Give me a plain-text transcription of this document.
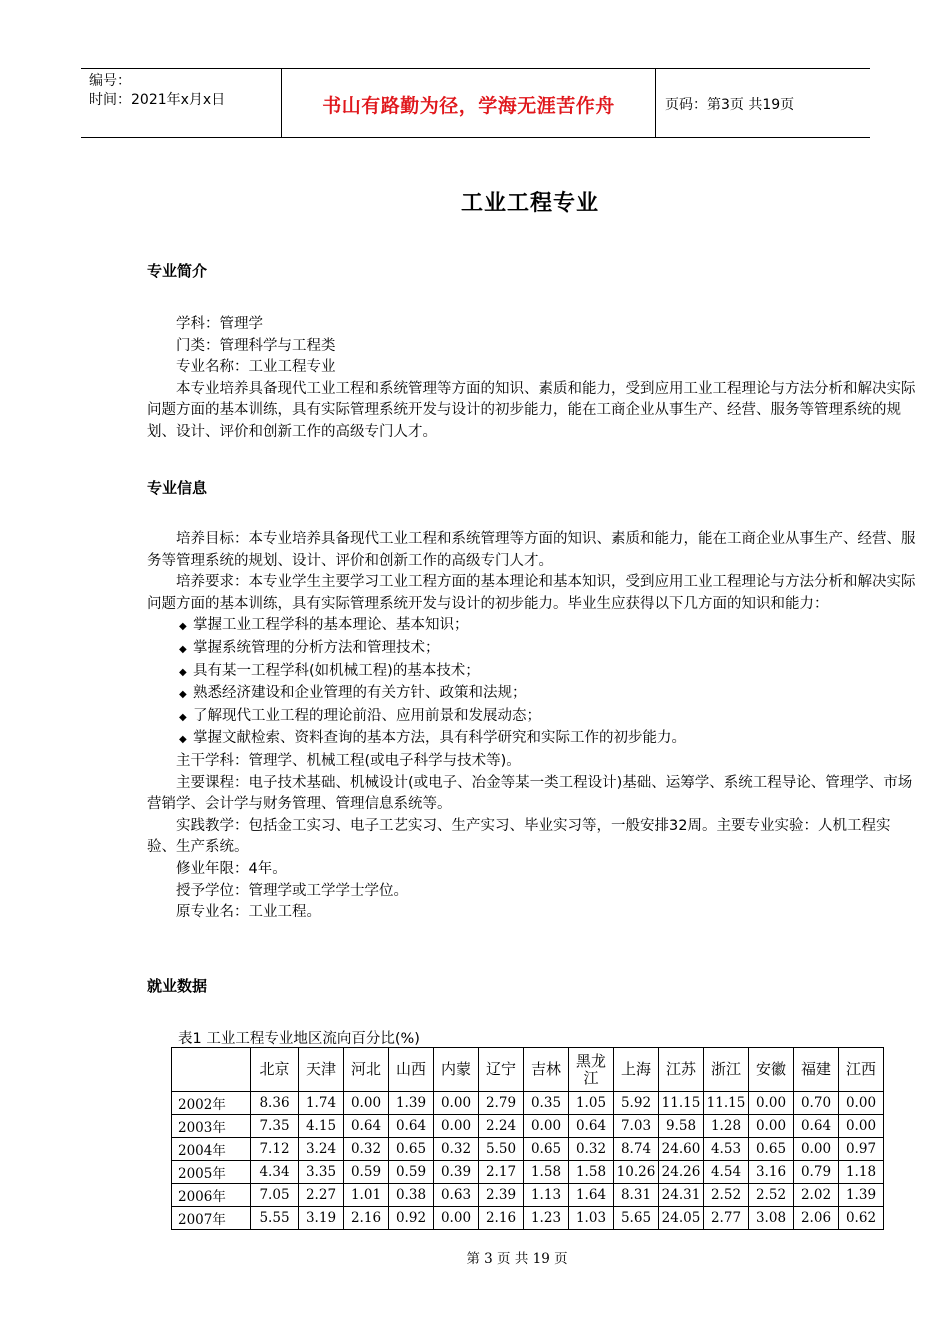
编号：
时间：2021年x月x日	书山有路勤为径，学海无涯苦作舟	页码：第3页 共19页
工业工程专业
专业简介

学科：管理学

门类：管理科学与工程类

专业名称：工业工程专业

本专业培养具备现代工业工程和系统管理等方面的知识、素质和能力，受到应用工业工程理论与方法分析和解决实际问题方面的基本训练，具有实际管理系统开发与设计的初步能力，能在工商企业从事生产、经营、服务等管理系统的规划、设计、评价和创新工作的高级专门人才。

专业信息

培养目标：本专业培养具备现代工业工程和系统管理等方面的知识、素质和能力，能在工商企业从事生产、经营、服务等管理系统的规划、设计、评价和创新工作的高级专门人才。

培养要求：本专业学生主要学习工业工程方面的基本理论和基本知识，受到应用工业工程理论与方法分析和解决实际问题方面的基本训练，具有实际管理系统开发与设计的初步能力。毕业生应获得以下几方面的知识和能力：

◆ 掌握工业工程学科的基本理论、基本知识；

◆ 掌握系统管理的分析方法和管理技术；

◆ 具有某一工程学科(如机械工程)的基本技术；

◆ 熟悉经济建设和企业管理的有关方针、政策和法规；

◆ 了解现代工业工程的理论前沿、应用前景和发展动态；

◆ 掌握文献检索、资料查询的基本方法，具有科学研究和实际工作的初步能力。

主干学科：管理学、机械工程(或电子科学与技术等)。

主要课程：电子技术基础、机械设计(或电子、冶金等某一类工程设计)基础、运筹学、系统工程导论、管理学、市场营销学、会计学与财务管理、管理信息系统等。

实践教学：包括金工实习、电子工艺实习、生产实习、毕业实习等，一般安排32周。主要专业实验：人机工程实验、生产系统。

修业年限：4年。

授予学位：管理学或工学学士学位。

原专业名：工业工程。

就业数据
表1 工业工程专业地区流向百分比(%)
	北京	天津	河北	山西	内蒙	辽宁	吉林	黑龙江	上海	江苏	浙江	安徽	福建	江西
2002年	8.36	1.74	0.00	1.39	0.00	2.79	0.35	1.05	5.92	11.15	11.15	0.00	0.70	0.00
2003年	7.35	4.15	0.64	0.64	0.00	2.24	0.00	0.64	7.03	9.58	1.28	0.00	0.64	0.00
2004年	7.12	3.24	0.32	0.65	0.32	5.50	0.65	0.32	8.74	24.60	4.53	0.65	0.00	0.97
2005年	4.34	3.35	0.59	0.59	0.39	2.17	1.58	1.58	10.26	24.26	4.54	3.16	0.79	1.18
2006年	7.05	2.27	1.01	0.38	0.63	2.39	1.13	1.64	8.31	24.31	2.52	2.52	2.02	1.39
2007年	5.55	3.19	2.16	0.92	0.00	2.16	1.23	1.03	5.65	24.05	2.77	3.08	2.06	0.62
第 3 页 共 19 页
